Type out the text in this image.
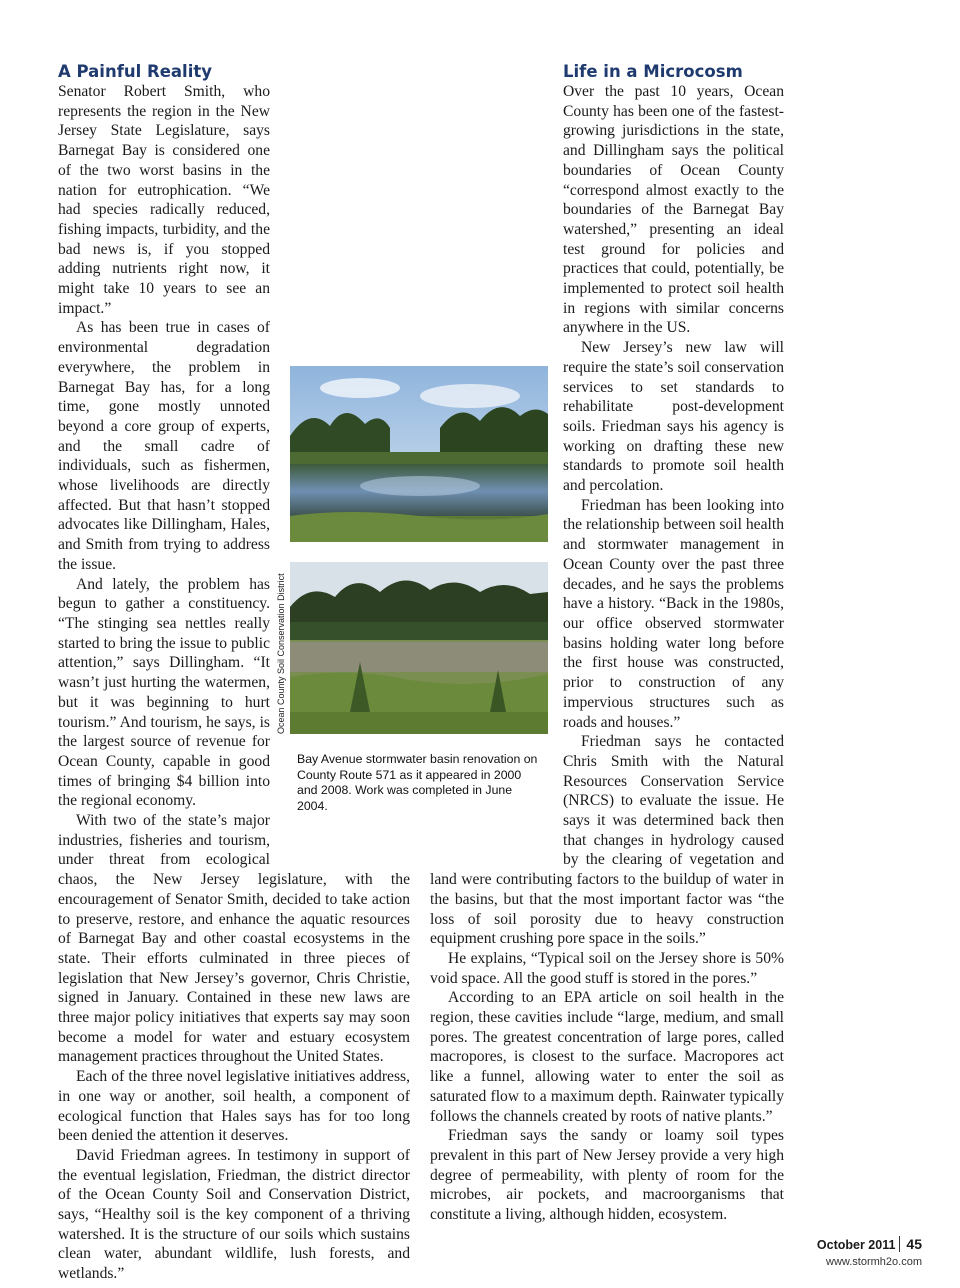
A Painful Reality

Senator Robert Smith, who represents the region in the New Jersey State Legislature, says Barnegat Bay is considered one of the two worst basins in the nation for eutrophication. “We had species radically reduced, fishing impacts, turbidity, and the bad news is, if you stopped adding nutrients right now, it might take 10 years to see an impact.”

As has been true in cases of environmental degradation everywhere, the problem in Barnegat Bay has, for a long time, gone mostly unnoted beyond a core group of experts, and the small cadre of individuals, such as fishermen, whose livelihoods are directly affected. But that hasn’t stopped advocates like Dillingham, Hales, and Smith from trying to address the issue.

And lately, the problem has begun to gather a constituency. “The stinging sea nettles really started to bring the issue to public attention,” says Dillingham. “It wasn’t just hurting the watermen, but it was beginning to hurt tourism.” And tourism, he says, is the largest source of revenue for Ocean County, capable in good times of bringing $4 billion into the regional economy.

With two of the state’s major industries, fisheries and tourism, under threat from ecological chaos, the New Jersey legislature, with the encouragement of Senator Smith, decided to take action to preserve, restore, and enhance the aquatic resources of Barnegat Bay and other coastal ecosystems in the state. Their efforts culminated in three pieces of legislation that New Jersey’s governor, Chris Christie, signed in January. Contained in these new laws are three major policy initiatives that experts say may soon become a model for water and estuary ecosystem management practices throughout the United States.

Each of the three novel legislative initiatives address, in one way or another, soil health, a component of ecological function that Hales says has for too long been denied the attention it deserves.

David Friedman agrees. In testimony in support of the eventual legislation, Friedman, the district director of the Ocean County Soil and Conservation District, says, “Healthy soil is the key component of a thriving watershed. It is the structure of our soils which sustains clean water, abundant wildlife, lush forests, and wetlands.”

Life in a Microcosm

Over the past 10 years, Ocean County has been one of the fastest-growing jurisdictions in the state, and Dillingham says the political boundaries of Ocean County “correspond almost exactly to the boundaries of the Barnegat Bay watershed,” presenting an ideal test ground for policies and practices that could, potentially, be implemented to protect soil health in regions with similar concerns anywhere in the US.

New Jersey’s new law will require the state’s soil conservation services to set standards to rehabilitate post-development soils. Friedman says his agency is working on drafting these new standards to promote soil health and percolation.

Friedman has been looking into the relationship between soil health and stormwater management in Ocean County over the past three decades, and he says the problems have a history. “Back in the 1980s, our office observed stormwater basins holding water long before the first house was constructed, prior to construction of any impervious structures such as roads and houses.”

Friedman says he contacted Chris Smith with the Natural Resources Conservation Service (NRCS) to evaluate the issue. He says it was determined back then that changes in hydrology caused by the clearing of vegetation and land were contributing factors to the buildup of water in the basins, but that the most important factor was “the loss of soil porosity due to heavy construction equipment crushing pore space in the soils.”

He explains, “Typical soil on the Jersey shore is 50% void space. All the good stuff is stored in the pores.”

According to an EPA article on soil health in the region, these cavities include “large, medium, and small pores. The greatest concentration of large pores, called macropores, is closest to the surface. Macropores act like a funnel, allowing water to enter the soil as saturated flow to a maximum depth. Rainwater typically follows the channels created by roots of native plants.”

Friedman says the sandy or loamy soil types prevalent in this part of New Jersey provide a very high degree of permeability, with plenty of room for the microbes, air pockets, and macroorganisms that constitute a living, although hidden, ecosystem.

Ocean County Soil Conservation District
Bay Avenue stormwater basin renovation on County Route 571 as it appeared in 2000 and 2008. Work was completed in June 2004.
October 2011 45
www.stormh2o.com
